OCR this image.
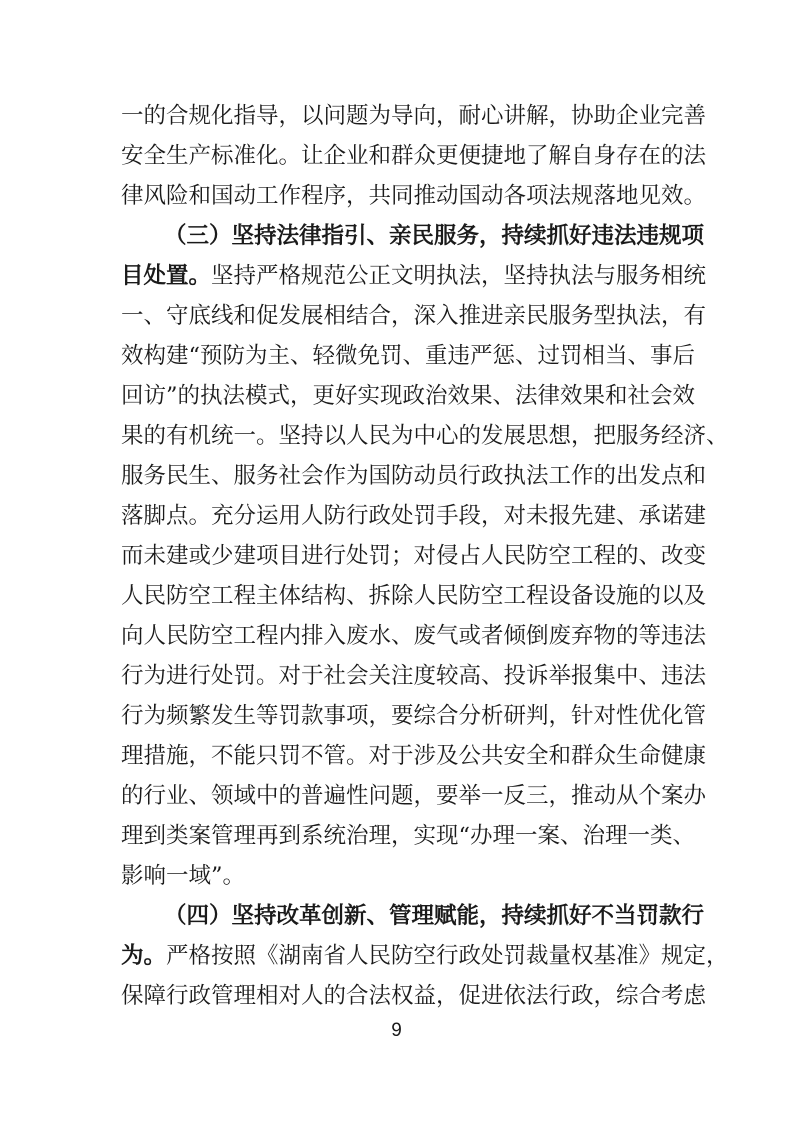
一的合规化指导，以问题为导向，耐心讲解，协助企业完善
安全生产标准化。让企业和群众更便捷地了解自身存在的法
律风险和国动工作程序，共同推动国动各项法规落地见效。
（三）坚持法律指引、亲民服务，持续抓好违法违规项
目处置。坚持严格规范公正文明执法，坚持执法与服务相统
一、守底线和促发展相结合，深入推进亲民服务型执法，有
效构建“预防为主、轻微免罚、重违严惩、过罚相当、事后
回访”的执法模式，更好实现政治效果、法律效果和社会效
果的有机统一。坚持以人民为中心的发展思想，把服务经济、
服务民生、服务社会作为国防动员行政执法工作的出发点和
落脚点。充分运用人防行政处罚手段，对未报先建、承诺建
而未建或少建项目进行处罚；对侵占人民防空工程的、改变
人民防空工程主体结构、拆除人民防空工程设备设施的以及
向人民防空工程内排入废水、废气或者倾倒废弃物的等违法
行为进行处罚。对于社会关注度较高、投诉举报集中、违法
行为频繁发生等罚款事项，要综合分析研判，针对性优化管
理措施，不能只罚不管。对于涉及公共安全和群众生命健康
的行业、领域中的普遍性问题，要举一反三，推动从个案办
理到类案管理再到系统治理，实现“办理一案、治理一类、
影响一域”。
（四）坚持改革创新、管理赋能，持续抓好不当罚款行
为。严格按照《湖南省人民防空行政处罚裁量权基准》规定，
保障行政管理相对人的合法权益，促进依法行政，综合考虑
9
